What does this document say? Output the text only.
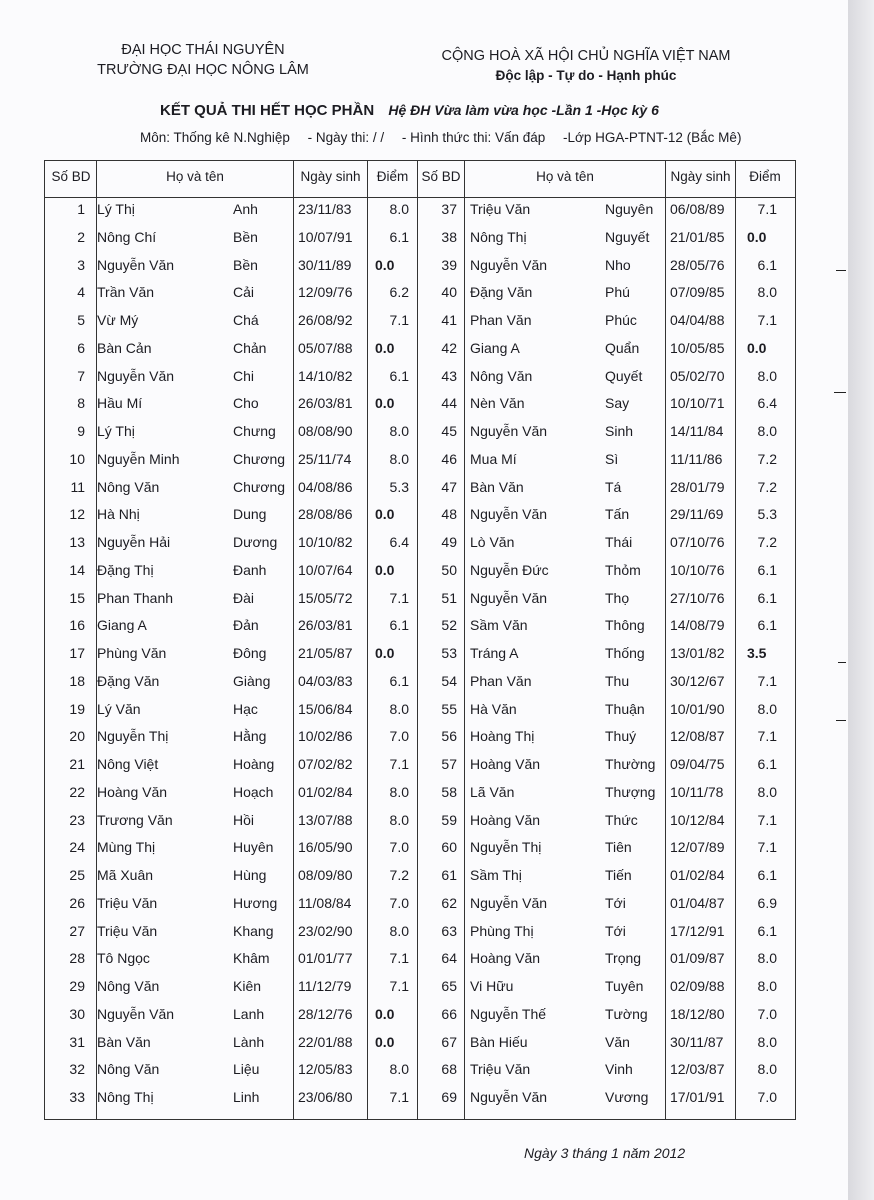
ĐẠI HỌC THÁI NGUYÊN
TRƯỜNG ĐẠI HỌC NÔNG LÂM
CỘNG HOÀ XÃ HỘI CHỦ NGHĨA VIỆT NAM
Độc lập - Tự do - Hạnh phúc
KẾT QUẢ THI HẾT HỌC PHẦN Hệ ĐH Vừa làm vừa học -Lần 1 -Học kỳ 6
Môn: Thống kê N.Nghiệp - Ngày thi: / / - Hình thức thi: Vấn đáp -Lớp HGA-PTNT-12 (Bắc Mê)
Số BD	Họ và tên	Ngày sinh	Điểm Số BD	Họ và tên	Ngày sinh	Điểm
1 Lý Thị	Anh	23/11/83	8.0
2 Nông Chí	Bền	10/07/91	6.1
3 Nguyễn Văn	Bền	30/11/89 0.0
4 Trần Văn	Cải	12/09/76	6.2
5 Vừ Mý	Chá	26/08/92	7.1
6 Bàn Cản	Chản 05/07/88 0.0
7 Nguyễn Văn	Chi	14/10/82	6.1
8 Hầu Mí	Cho	26/03/81 0.0
9 Lý Thị	Chưng 08/08/90	8.0
10 Nguyễn Minh	Chương 25/11/74	8.0
11 Nông Văn	Chương 04/08/86	5.3
12 Hà Nhị	Dung 28/08/86 0.0
13 Nguyễn Hải	Dương 10/10/82	6.4
14 Đặng Thị	Đanh 10/07/64 0.0
15 Phan Thanh	Đài	15/05/72	7.1
16 Giang A	Đản	26/03/81	6.1
17 Phùng Văn	Đông 21/05/87 0.0
18 Đặng Văn	Giàng 04/03/83	6.1
19 Lý Văn	Hạc	15/06/84	8.0
20 Nguyễn Thị	Hằng 10/02/86	7.0
21 Nông Việt	Hoàng 07/02/82	7.1
22 Hoàng Văn	Hoạch 01/02/84	8.0
23 Trương Văn	Hồi	13/07/88	8.0
24 Mùng Thị	Huyên 16/05/90	7.0
25 Mã Xuân	Hùng 08/09/80	7.2
26 Triệu Văn	Hương 11/08/84	7.0
27 Triệu Văn	Khang 23/02/90	8.0
28 Tô Ngọc	Khâm 01/01/77	7.1
29 Nông Văn	Kiên	11/12/79	7.1
30 Nguyễn Văn	Lanh 28/12/76 0.0
31 Bàn Văn	Lành 22/01/88 0.0
32 Nông Văn	Liệu	12/05/83	8.0
33 Nông Thị	Linh	23/06/80	7.1
37 Triệu Văn	Nguyên 06/08/89	7.1
38 Nông Thị	Nguyết 21/01/85 0.0
39 Nguyễn Văn	Nho	28/05/76	6.1
40 Đặng Văn	Phú	07/09/85	8.0
41 Phan Văn	Phúc 04/04/88	7.1
42 Giang A	Quẩn 10/05/85 0.0
43 Nông Văn	Quyết 05/02/70	8.0
44 Nèn Văn	Say	10/10/71	6.4
45 Nguyễn Văn	Sinh	14/11/84	8.0
46 Mua Mí	Sì	11/11/86	7.2
47 Bàn Văn	Tá	28/01/79	7.2
48 Nguyễn Văn	Tấn	29/11/69	5.3
49 Lò Văn	Thái	07/10/76	7.2
50 Nguyễn Đức	Thỏm 10/10/76	6.1
51 Nguyễn Văn	Thọ	27/10/76	6.1
52 Sầm Văn	Thông 14/08/79	6.1
53 Tráng A	Thống 13/01/82 3.5
54 Phan Văn	Thu	30/12/67	7.1
55 Hà Văn	Thuận 10/01/90	8.0
56 Hoàng Thị	Thuý 12/08/87	7.1
57 Hoàng Văn	Thường 09/04/75	6.1
58 Lã Văn	Thượng 10/11/78	8.0
59 Hoàng Văn	Thức 10/12/84	7.1
60 Nguyễn Thị	Tiên	12/07/89	7.1
61 Sầm Thị	Tiến	01/02/84	6.1
62 Nguyễn Văn	Tới	01/04/87	6.9
63 Phùng Thị	Tới	17/12/91	6.1
64 Hoàng Văn	Trọng 01/09/87	8.0
65 Vi Hữu	Tuyên 02/09/88	8.0
66 Nguyễn Thế	Tường 18/12/80	7.0
67 Bàn Hiếu	Văn	30/11/87	8.0
68 Triệu Văn	Vinh	12/03/87	8.0
69 Nguyễn Văn	Vương 17/01/91	7.0
Ngày 3 tháng 1 năm 2012
